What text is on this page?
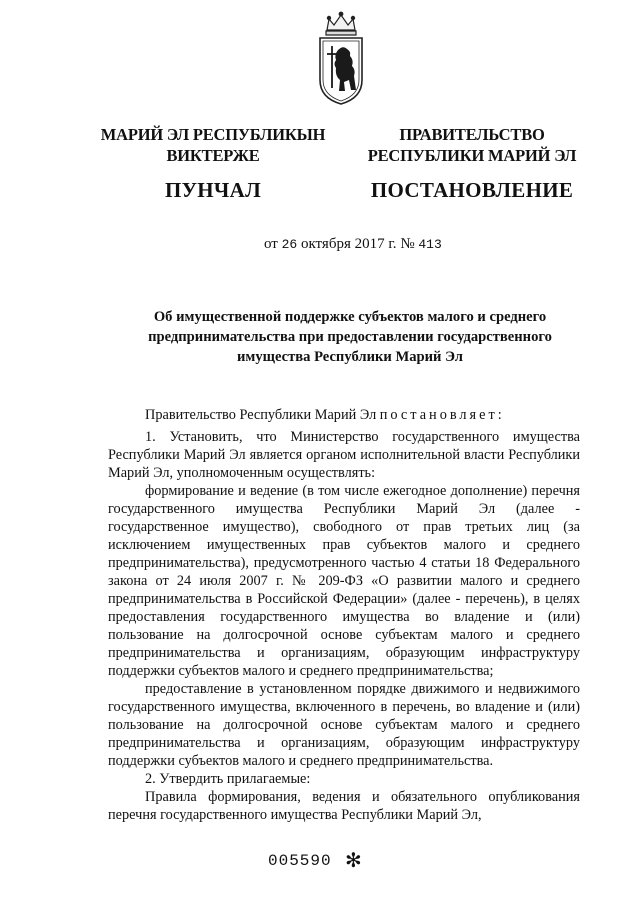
МАРИЙ ЭЛ РЕСПУБЛИКЫН
ВИКТЕРЖЕ
ПУНЧАЛ
ПРАВИТЕЛЬСТВО
РЕСПУБЛИКИ МАРИЙ ЭЛ
ПОСТАНОВЛЕНИЕ
от 26 октября 2017 г. № 413
Об имущественной поддержке субъектов малого и среднего
предпринимательства при предоставлении государственного
имущества Республики Марий Эл

Правительство Республики Марий Эл постановляет:

1. Установить, что Министерство государственного имущества Республики Марий Эл является органом исполнительной власти Республики Марий Эл, уполномоченным осуществлять:

формирование и ведение (в том числе ежегодное дополнение) перечня государственного имущества Республики Марий Эл (далее - государственное имущество), свободного от прав третьих лиц (за исключением имущественных прав субъектов малого и среднего предпринимательства), предусмотренного частью 4 статьи 18 Федерального закона от 24 июля 2007 г. № 209-ФЗ «О развитии малого и среднего предпринимательства в Российской Федерации» (далее - перечень), в целях предоставления государственного имущества во владение и (или) пользование на долгосрочной основе субъектам малого и среднего предпринимательства и организациям, образующим инфраструктуру поддержки субъектов малого и среднего предпринимательства;

предоставление в установленном порядке движимого и недвижимого государственного имущества, включенного в перечень, во владение и (или) пользование на долгосрочной основе субъектам малого и среднего предпринимательства и организациям, образующим инфраструктуру поддержки субъектов малого и среднего предпринимательства.

2. Утвердить прилагаемые:

Правила формирования, ведения и обязательного опубликования перечня государственного имущества Республики Марий Эл,

005590 ✻
